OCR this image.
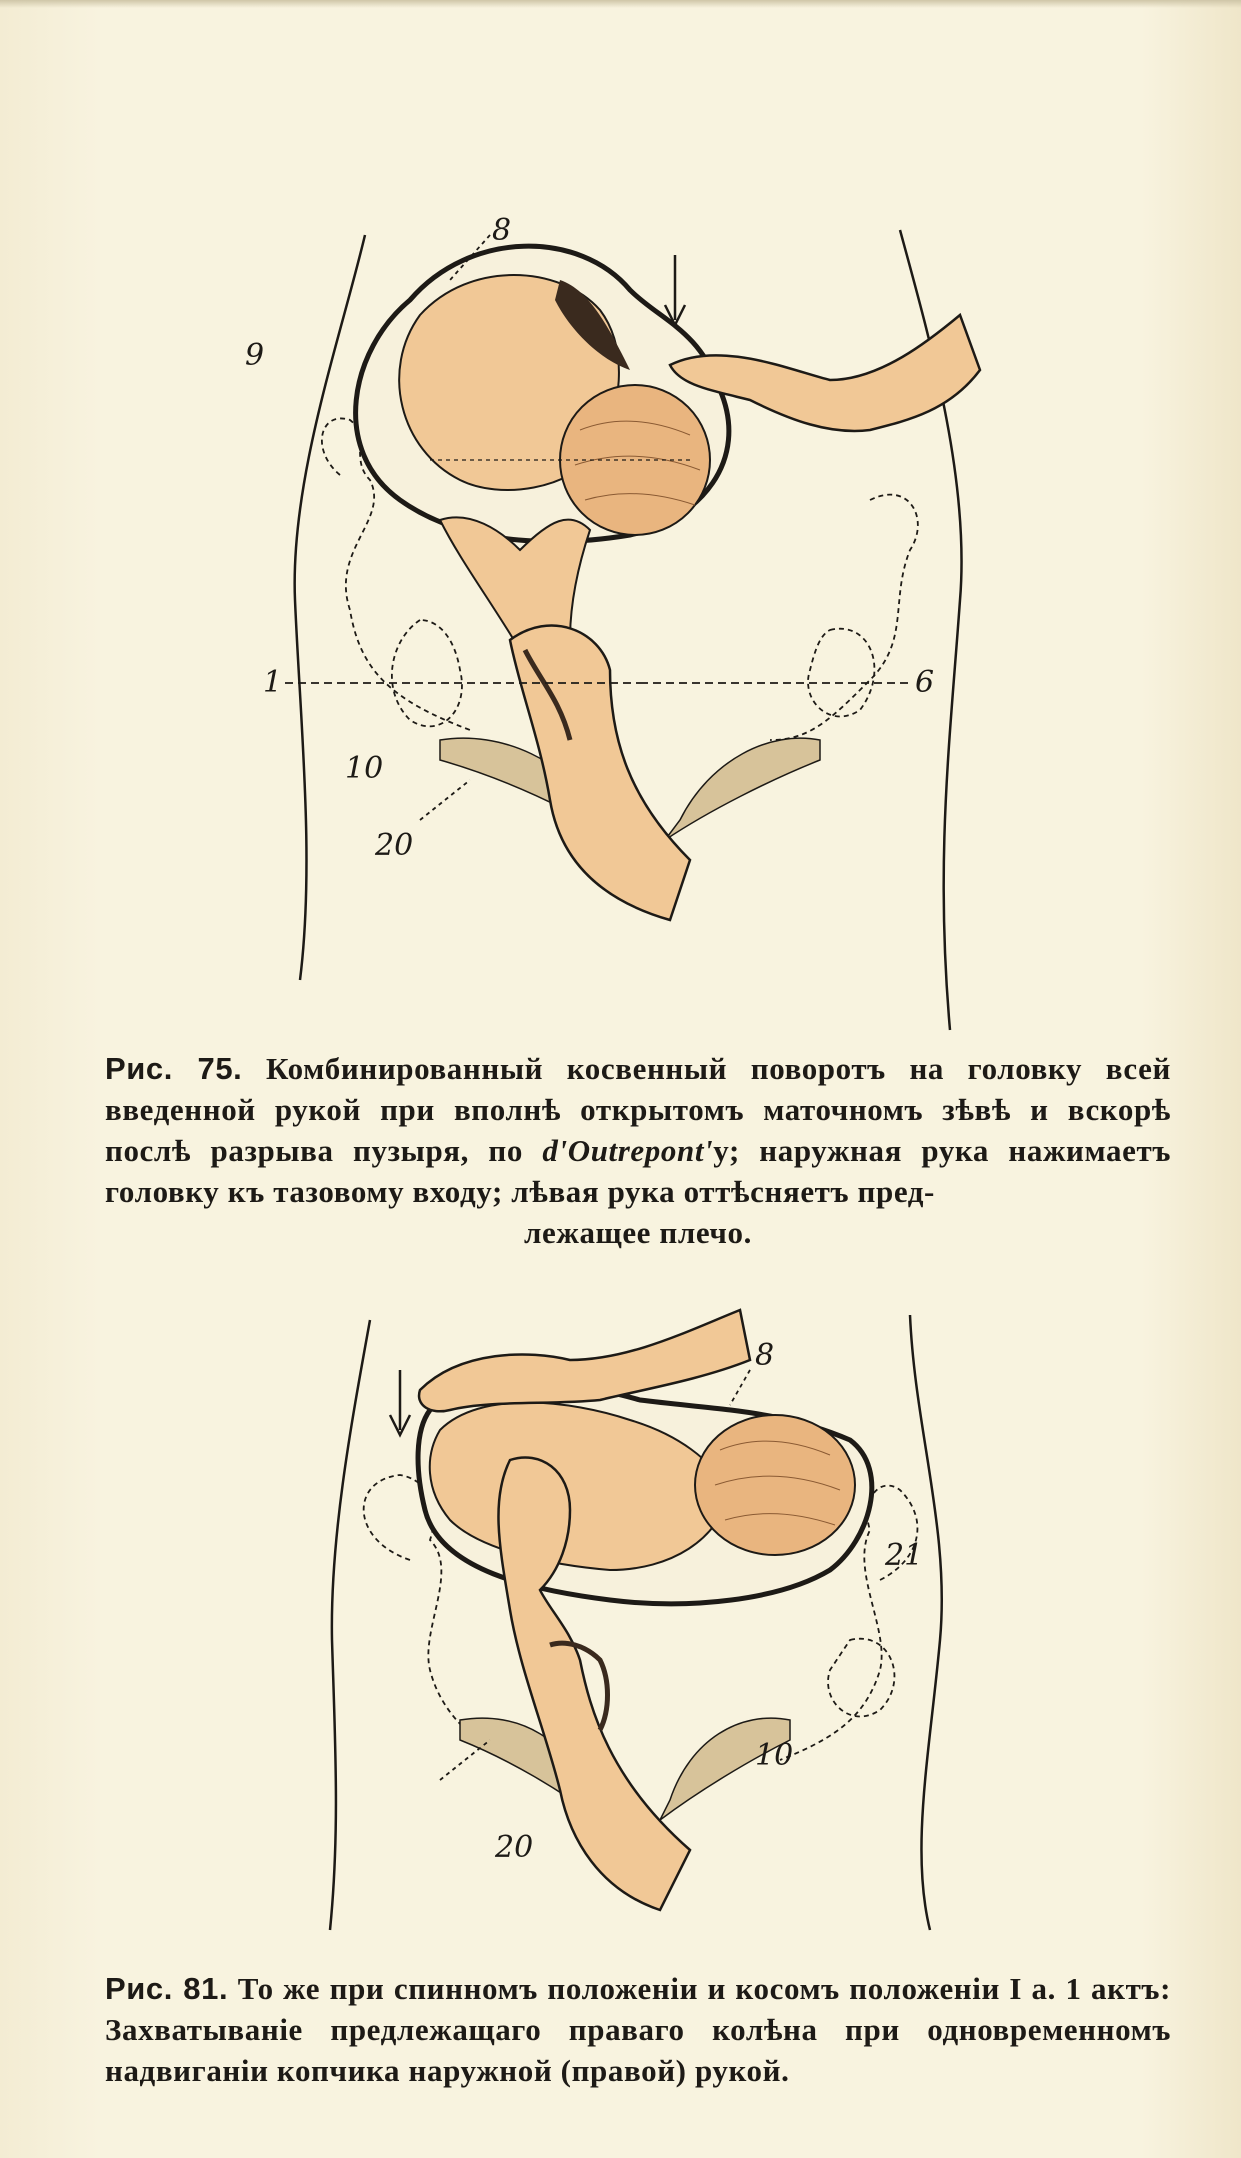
8
9
1	6
10
20
Рис. 75. Комбинированный косвенный поворотъ на головку всей введенной рукой при вполнѣ открытомъ маточномъ зѣвѣ и вскорѣ послѣ разрыва пузыря, по d'Outrepont'у; наружная рука нажимаетъ головку къ тазовому входу; лѣвая рука оттѣсняетъ пред-
лежащее плечо.
8
21
10
20
Рис. 81. То же при спинномъ положенiи и косомъ положенiи I а. 1 актъ: Захватыванiе предлежащаго праваго колѣна при одновременномъ надвиганiи копчика наружной (правой) рукой.
